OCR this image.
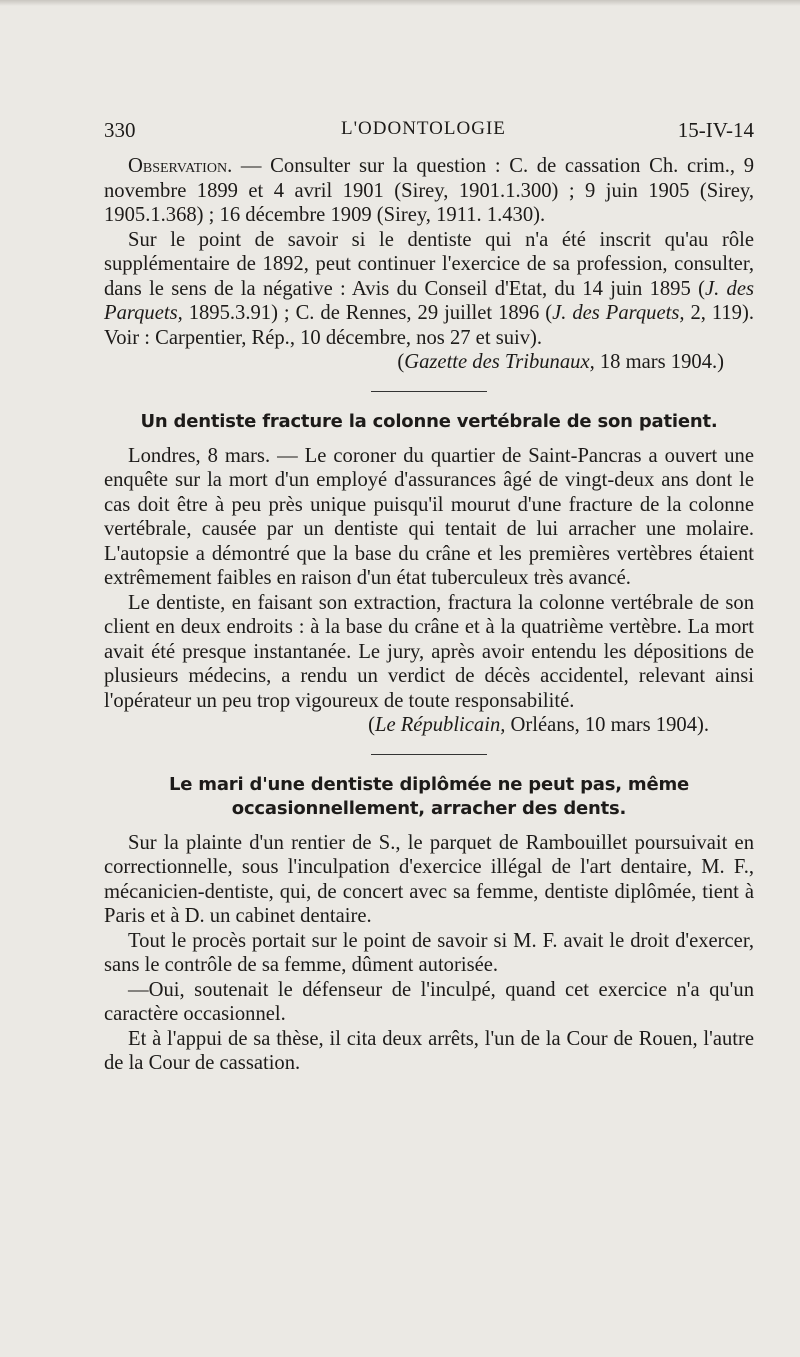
330	L'ODONTOLOGIE	15-IV-14

Observation. — Consulter sur la question : C. de cassation Ch. crim., 9 novembre 1899 et 4 avril 1901 (Sirey, 1901.1.300) ; 9 juin 1905 (Sirey, 1905.1.368) ; 16 décembre 1909 (Sirey, 1911. 1.430).

Sur le point de savoir si le dentiste qui n'a été inscrit qu'au rôle supplémentaire de 1892, peut continuer l'exercice de sa profession, consulter, dans le sens de la négative : Avis du Conseil d'Etat, du 14 juin 1895 (J. des Parquets, 1895.3.91) ; C. de Rennes, 29 juillet 1896 (J. des Parquets, 2, 119). Voir : Carpentier, Rép., 10 décembre, nos 27 et suiv).

(Gazette des Tribunaux, 18 mars 1904.)

Un dentiste fracture la colonne vertébrale de son patient.

Londres, 8 mars. — Le coroner du quartier de Saint-Pancras a ouvert une enquête sur la mort d'un employé d'assurances âgé de vingt-deux ans dont le cas doit être à peu près unique puisqu'il mourut d'une fracture de la colonne vertébrale, causée par un dentiste qui tentait de lui arracher une molaire. L'autopsie a démontré que la base du crâne et les premières vertèbres étaient extrêmement faibles en raison d'un état tuberculeux très avancé.

Le dentiste, en faisant son extraction, fractura la colonne vertébrale de son client en deux endroits : à la base du crâne et à la quatrième vertèbre. La mort avait été presque instantanée. Le jury, après avoir entendu les dépositions de plusieurs médecins, a rendu un verdict de décès accidentel, relevant ainsi l'opérateur un peu trop vigoureux de toute responsabilité.

(Le Républicain, Orléans, 10 mars 1904).

Le mari d'une dentiste diplômée ne peut pas, même occasionnellement, arracher des dents.

Sur la plainte d'un rentier de S., le parquet de Rambouillet poursuivait en correctionnelle, sous l'inculpation d'exercice illégal de l'art dentaire, M. F., mécanicien-dentiste, qui, de concert avec sa femme, dentiste diplômée, tient à Paris et à D. un cabinet dentaire.

Tout le procès portait sur le point de savoir si M. F. avait le droit d'exercer, sans le contrôle de sa femme, dûment autorisée.

—Oui, soutenait le défenseur de l'inculpé, quand cet exercice n'a qu'un caractère occasionnel.

Et à l'appui de sa thèse, il cita deux arrêts, l'un de la Cour de Rouen, l'autre de la Cour de cassation.
